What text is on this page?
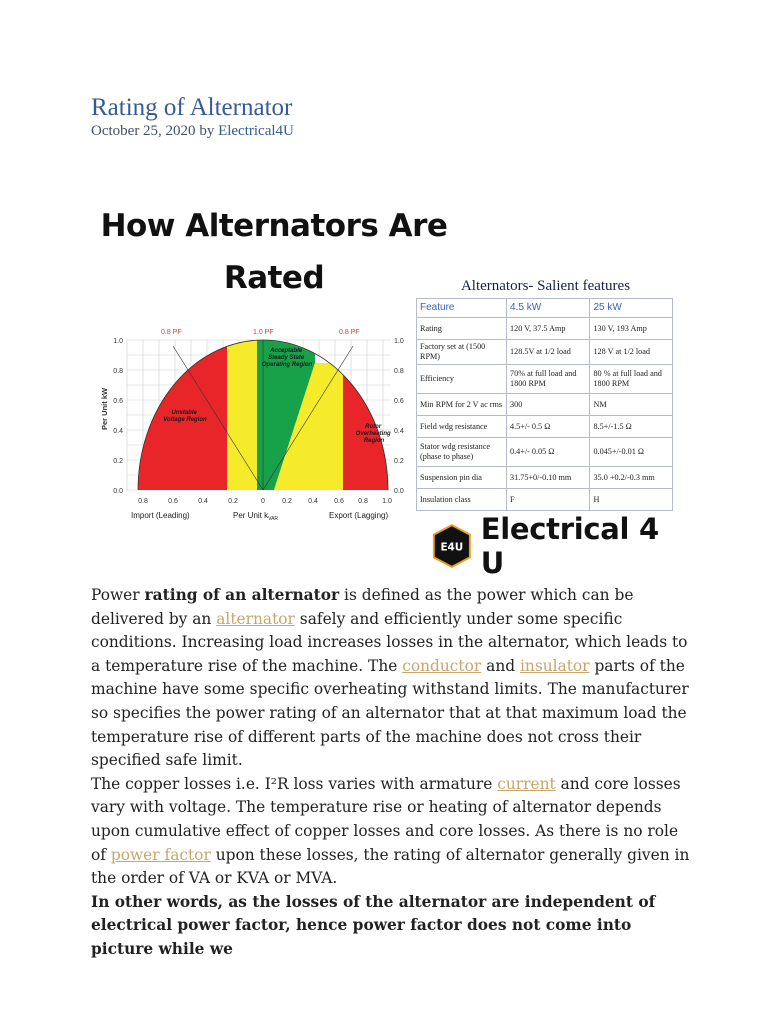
Rating of Alternator
October 25, 2020 by Electrical4U
How Alternators Are
Rated
0.8 PF	1.0 PF	0.8 PF
1.0
0.8
0.6
0.4
0.2
0.0
1.0
0.8
0.6
0.4
0.2
0.0
0.8	0.6	0.4	0.2	0 0.2 0.4 0.6 0.8 1.0
Per Unit kW
Import (Leading)	Per Unit $k_{VAR}$	Export (Lagging)
Acceptable Steady State Operating Region
Unstable Voltage Region
Rotor Overheating Region
Alternators- Salient features
Feature	4.5 kW	25 kW
Rating	120 V, 37.5 Amp	130 V, 193 Amp
Factory set at (1500 RPM)	128.5V at 1/2 load	128 V at 1/2 load
Efficiency	70% at full load and 1800 RPM	80 % at full load and 1800 RPM
Min RPM for 2 V ac rms	300	NM
Field wdg resistance	4.5+/- 0.5 Ω	8.5+/-1.5 Ω
Stator wdg resistance (phase to phase)	0.4+/- 0.05 Ω	0.045+/-0.01 Ω
Suspension pin dia	31.75+0/-0.10 mm	35.0 +0.2/-0.3 mm
Insulation class	F	H
E4U
Electrical 4 U

Power rating of an alternator is defined as the power which can be delivered by an alternator safely and efficiently under some specific conditions. Increasing load increases losses in the alternator, which leads to a temperature rise of the machine. The conductor and insulator parts of the machine have some specific overheating withstand limits. The manufacturer so specifies the power rating of an alternator that at that maximum load the temperature rise of different parts of the machine does not cross their specified safe limit.

The copper losses i.e. I²R loss varies with armature current and core losses vary with voltage. The temperature rise or heating of alternator depends upon cumulative effect of copper losses and core losses. As there is no role of power factor upon these losses, the rating of alternator generally given in the order of VA or KVA or MVA.

In other words, as the losses of the alternator are independent of electrical power factor, hence power factor does not come into picture while we
